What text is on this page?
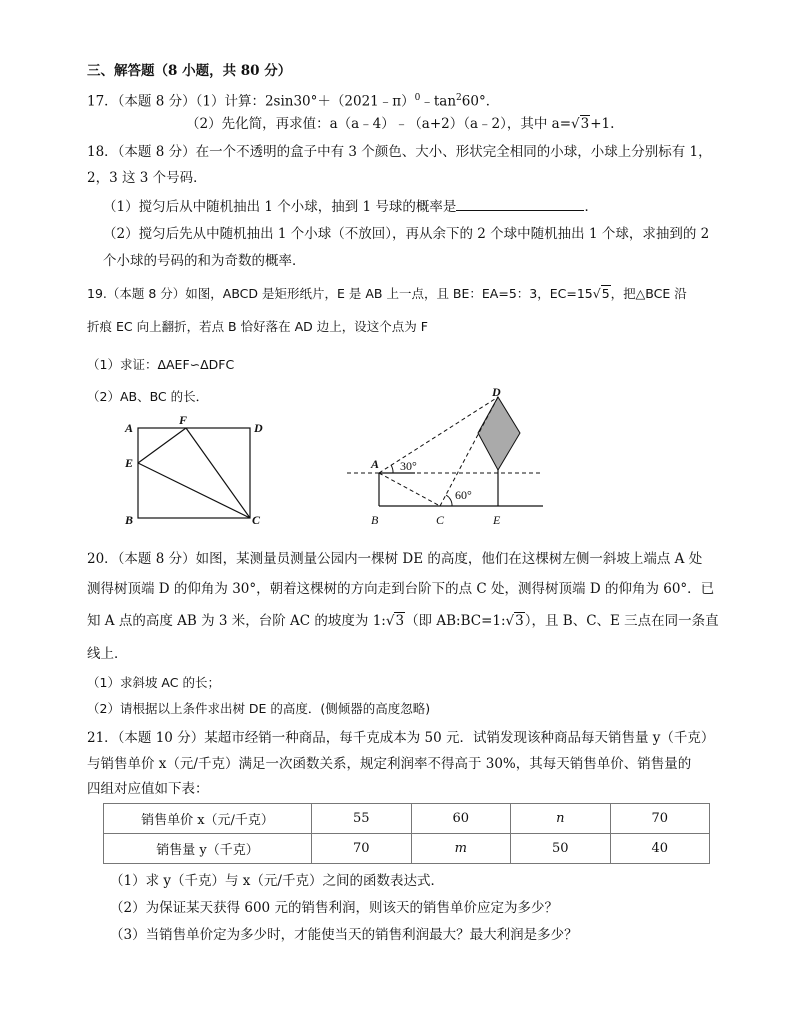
三、解答题（8 小题，共 80 分）
17．（本题 8 分）（1）计算：$2\sin 30^\circ+(2021﹣\pi)^0﹣\tan^260^\circ$．
（2）先化简，再求值：a（a﹣4）﹣（a+2）（a﹣2），其中 a=√3+1.
18．（本题 8 分）在一个不透明的盒子中有 3 个颜色、大小、形状完全相同的小球，小球上分别标有 1，
2，3 这 3 个号码．
（1）搅匀后从中随机抽出 1 个小球，抽到 1 号球的概率是	．
（2）搅匀后先从中随机抽出 1 个小球（不放回），再从余下的 2 个球中随机抽出 1 个球，求抽到的 2
个小球的号码的和为奇数的概率．
19.（本题 8 分）如图，ABCD 是矩形纸片，E 是 AB 上一点，且 BE：EA=5：3，EC=15√5，把△BCE 沿
折痕 EC 向上翻折，若点 B 恰好落在 AD 边上，设这个点为 F
（1）求证：ΔAEF∽ΔDFC
（2）AB、BC 的长．
A
F
D
E
B	C
D
A 30°
60°
B	C	E
20．（本题 8 分）如图，某测量员测量公园内一棵树 DE 的高度，他们在这棵树左侧一斜坡上端点 A 处
测得树顶端 D 的仰角为 30°，朝着这棵树的方向走到台阶下的点 C 处，测得树顶端 D 的仰角为 60°．已
知 A 点的高度 AB 为 3 米，台阶 AC 的坡度为 1:√3（即 AB:BC=1:√3），且 B、C、E 三点在同一条直
线上．
（1）求斜坡 AC 的长；
（2）请根据以上条件求出树 DE 的高度．(侧倾器的高度忽略)
21．（本题 10 分）某超市经销一种商品，每千克成本为 50 元．试销发现该种商品每天销售量 y（千克）
与销售单价 x（元/千克）满足一次函数关系，规定利润率不得高于 30%，其每天销售单价、销售量的
四组对应值如下表：
销售单价 x（元/千克）	55	60	n	70
销售量 y（千克）	70	m	50	40
（1）求 y（千克）与 x（元/千克）之间的函数表达式．
（2）为保证某天获得 600 元的销售利润，则该天的销售单价应定为多少？
（3）当销售单价定为多少时，才能使当天的销售利润最大？最大利润是多少？
